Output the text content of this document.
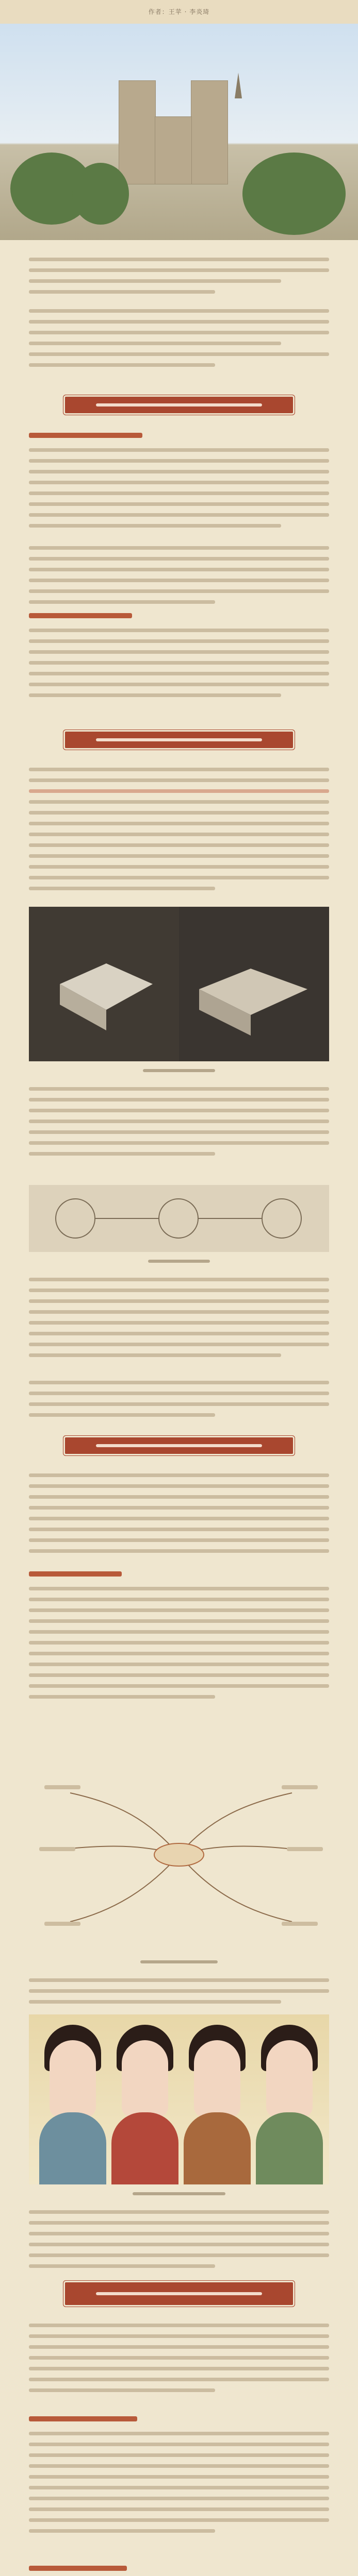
作者：王苹 · 李炎琦
